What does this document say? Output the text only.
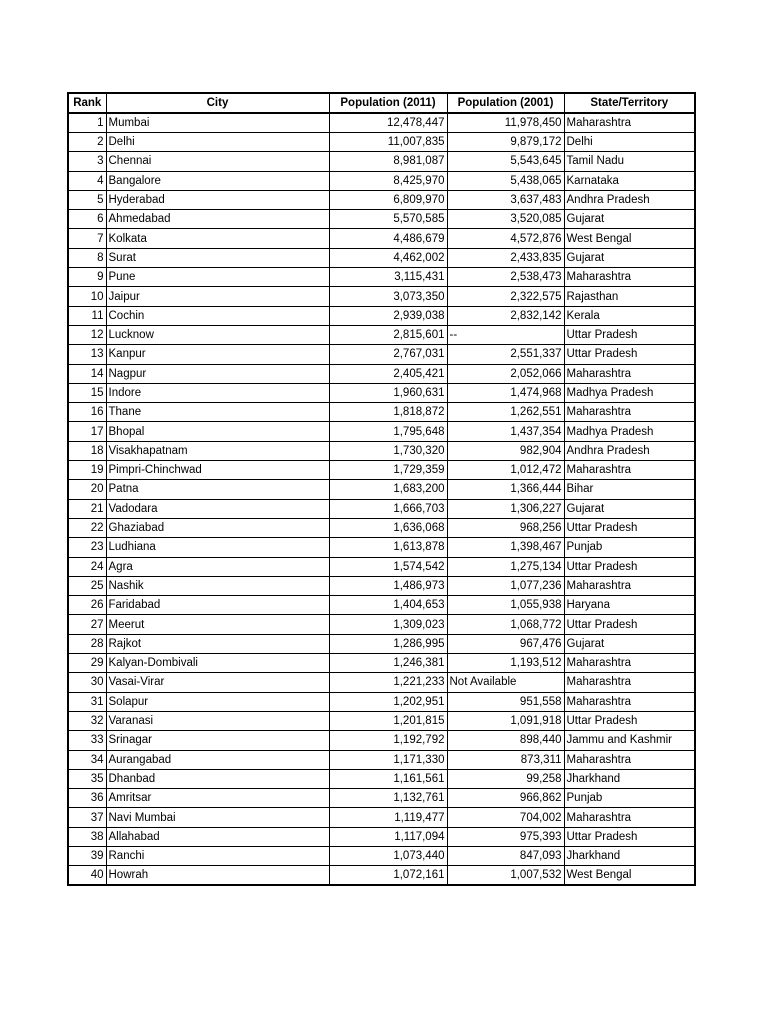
Rank	City	Population (2011)	Population (2001)	State/Territory
1	Mumbai	12,478,447	11,978,450	Maharashtra
2	Delhi	11,007,835	9,879,172	Delhi
3	Chennai	8,981,087	5,543,645	Tamil Nadu
4	Bangalore	8,425,970	5,438,065	Karnataka
5	Hyderabad	6,809,970	3,637,483	Andhra Pradesh
6	Ahmedabad	5,570,585	3,520,085	Gujarat
7	Kolkata	4,486,679	4,572,876	West Bengal
8	Surat	4,462,002	2,433,835	Gujarat
9	Pune	3,115,431	2,538,473	Maharashtra
10	Jaipur	3,073,350	2,322,575	Rajasthan
11	Cochin	2,939,038	2,832,142	Kerala
12	Lucknow	2,815,601	--	Uttar Pradesh
13	Kanpur	2,767,031	2,551,337	Uttar Pradesh
14	Nagpur	2,405,421	2,052,066	Maharashtra
15	Indore	1,960,631	1,474,968	Madhya Pradesh
16	Thane	1,818,872	1,262,551	Maharashtra
17	Bhopal	1,795,648	1,437,354	Madhya Pradesh
18	Visakhapatnam	1,730,320	982,904	Andhra Pradesh
19	Pimpri-Chinchwad	1,729,359	1,012,472	Maharashtra
20	Patna	1,683,200	1,366,444	Bihar
21	Vadodara	1,666,703	1,306,227	Gujarat
22	Ghaziabad	1,636,068	968,256	Uttar Pradesh
23	Ludhiana	1,613,878	1,398,467	Punjab
24	Agra	1,574,542	1,275,134	Uttar Pradesh
25	Nashik	1,486,973	1,077,236	Maharashtra
26	Faridabad	1,404,653	1,055,938	Haryana
27	Meerut	1,309,023	1,068,772	Uttar Pradesh
28	Rajkot	1,286,995	967,476	Gujarat
29	Kalyan-Dombivali	1,246,381	1,193,512	Maharashtra
30	Vasai-Virar	1,221,233	Not Available	Maharashtra
31	Solapur	1,202,951	951,558	Maharashtra
32	Varanasi	1,201,815	1,091,918	Uttar Pradesh
33	Srinagar	1,192,792	898,440	Jammu and Kashmir
34	Aurangabad	1,171,330	873,311	Maharashtra
35	Dhanbad	1,161,561	99,258	Jharkhand
36	Amritsar	1,132,761	966,862	Punjab
37	Navi Mumbai	1,119,477	704,002	Maharashtra
38	Allahabad	1,117,094	975,393	Uttar Pradesh
39	Ranchi	1,073,440	847,093	Jharkhand
40	Howrah	1,072,161	1,007,532	West Bengal
